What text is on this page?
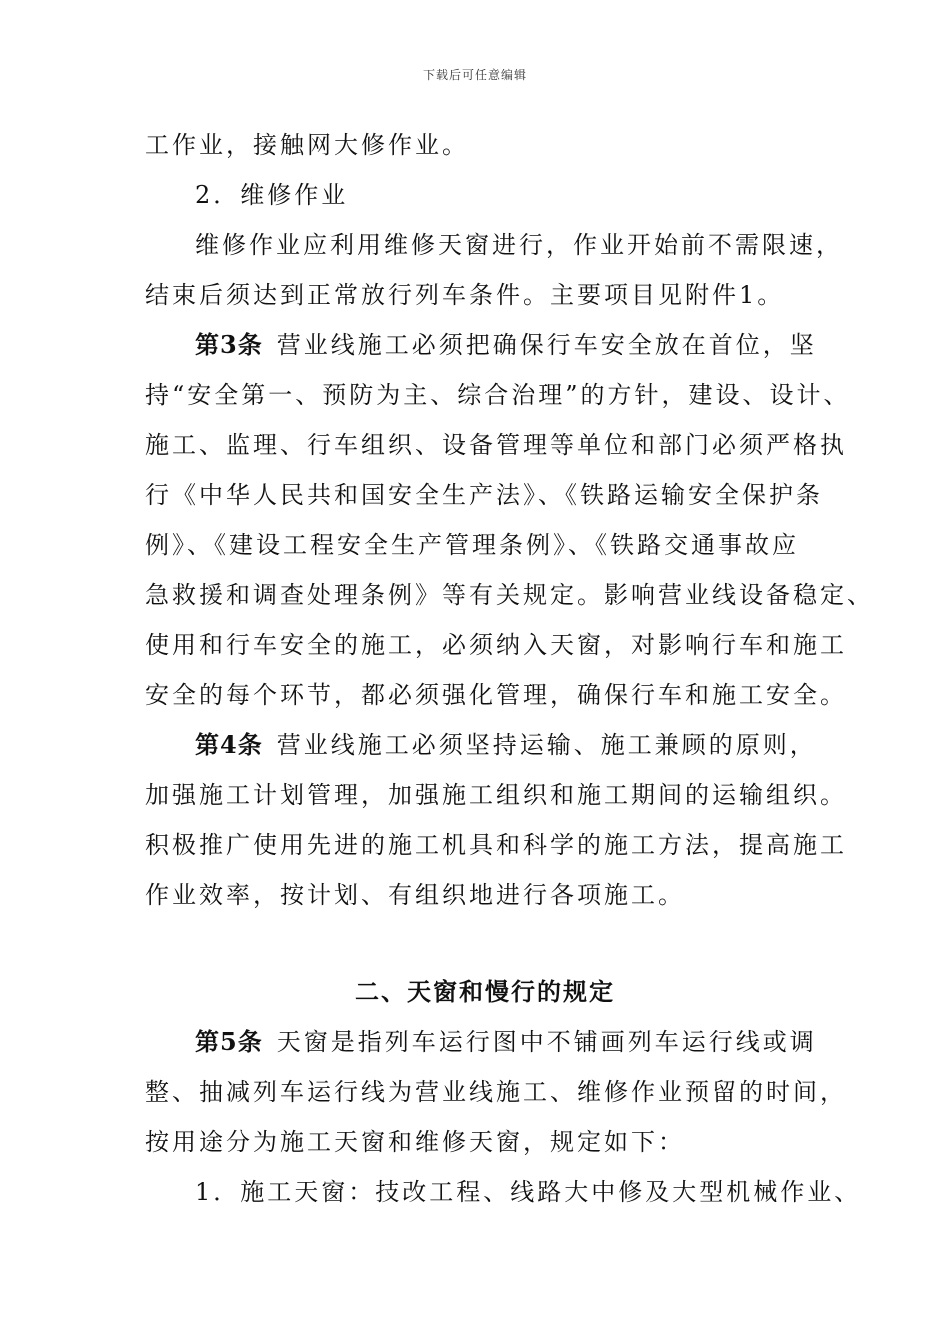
下载后可任意编辑
工作业，接触网大修作业。
2．维修作业
维修作业应利用维修天窗进行，作业开始前不需限速，
结束后须达到正常放行列车条件。主要项目见附件1。
第3条 营业线施工必须把确保行车安全放在首位，坚
持“安全第一、预防为主、综合治理”的方针，建设、设计、
施工、监理、行车组织、设备管理等单位和部门必须严格执
行《中华人民共和国安全生产法》、《铁路运输安全保护条
例》、《建设工程安全生产管理条例》、《铁路交通事故应
急救援和调查处理条例》等有关规定。影响营业线设备稳定、
使用和行车安全的施工，必须纳入天窗，对影响行车和施工
安全的每个环节，都必须强化管理，确保行车和施工安全。
第4条 营业线施工必须坚持运输、施工兼顾的原则，
加强施工计划管理，加强施工组织和施工期间的运输组织。
积极推广使用先进的施工机具和科学的施工方法，提高施工
作业效率，按计划、有组织地进行各项施工。
二、天窗和慢行的规定
第5条 天窗是指列车运行图中不铺画列车运行线或调
整、抽减列车运行线为营业线施工、维修作业预留的时间，
按用途分为施工天窗和维修天窗，规定如下：
1．施工天窗：技改工程、线路大中修及大型机械作业、
